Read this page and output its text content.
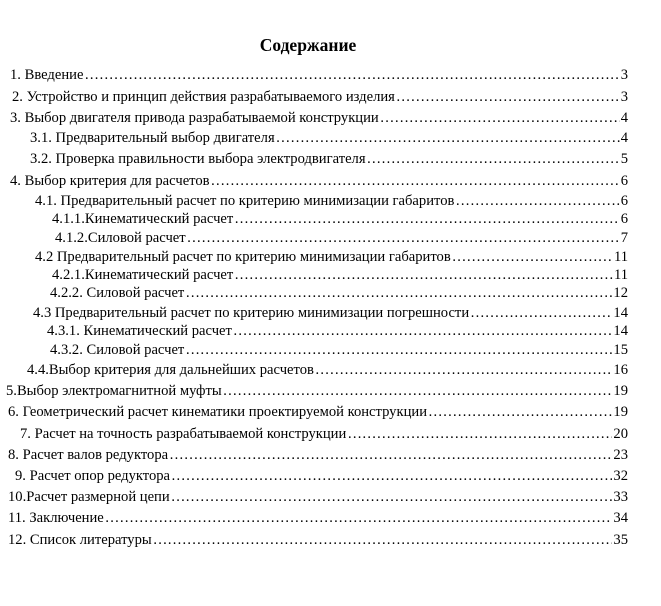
Содержание
1. Введение ……………………………………………………………………………………………………………………………………………………	3
2. Устройство и принцип действия разрабатываемого изделия ……………………………………………………………………………………………………………………………………………………	3
3. Выбор двигателя привода разрабатываемой конструкции ……………………………………………………………………………………………………………………………………………………	4
3.1. Предварительный выбор двигателя ……………………………………………………………………………………………………………………………………………………	4
3.2. Проверка правильности выбора электродвигателя ……………………………………………………………………………………………………………………………………………………	5
4. Выбор критерия для расчетов ……………………………………………………………………………………………………………………………………………………	6
4.1. Предварительный расчет по критерию минимизации габаритов ……………………………………………………………………………………………………………………………………………………	6
4.1.1.Кинематический расчет ……………………………………………………………………………………………………………………………………………………	6
4.1.2.Силовой расчет ……………………………………………………………………………………………………………………………………………………	7
4.2 Предварительный расчет по критерию минимизации габаритов ……………………………………………………………………………………………………………………………………………………	11
4.2.1.Кинематический расчет ……………………………………………………………………………………………………………………………………………………	11
4.2.2. Силовой расчет ……………………………………………………………………………………………………………………………………………………	12
4.3 Предварительный расчет по критерию минимизации погрешности ……………………………………………………………………………………………………………………………………………………	14
4.3.1. Кинематический расчет ……………………………………………………………………………………………………………………………………………………	14
4.3.2. Силовой расчет ……………………………………………………………………………………………………………………………………………………	15
4.4.Выбор критерия для дальнейших расчетов ……………………………………………………………………………………………………………………………………………………	16
5.Выбор электромагнитной муфты ……………………………………………………………………………………………………………………………………………………	19
6. Геометрический расчет кинематики проектируемой конструкции ……………………………………………………………………………………………………………………………………………………	19
7. Расчет на точность разрабатываемой конструкции ……………………………………………………………………………………………………………………………………………………	20
8. Расчет валов редуктора ……………………………………………………………………………………………………………………………………………………	23
9. Расчет опор редуктора ……………………………………………………………………………………………………………………………………………………	32
10.Расчет размерной цепи ……………………………………………………………………………………………………………………………………………………	33
11. Заключение ……………………………………………………………………………………………………………………………………………………	34
12. Список литературы ……………………………………………………………………………………………………………………………………………………	35
